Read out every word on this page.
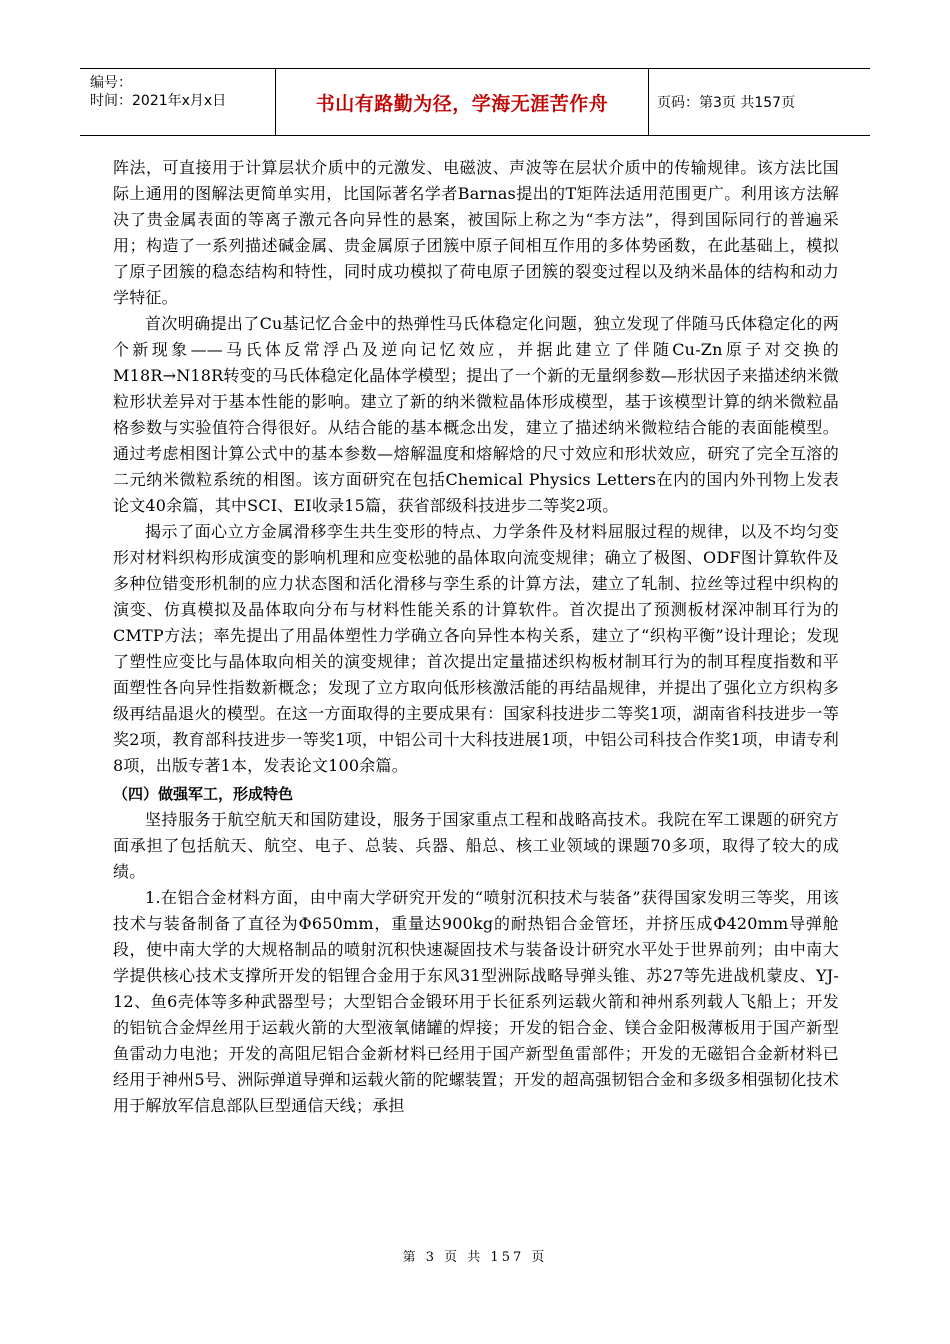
编号：
时间：2021年x月x日	书山有路勤为径，学海无涯苦作舟	页码：第3页 共157页

阵法，可直接用于计算层状介质中的元激发、电磁波、声波等在层状介质中的传输规律。该方法比国际上通用的图解法更简单实用，比国际著名学者Barnas提出的T矩阵法适用范围更广。利用该方法解决了贵金属表面的等离子激元各向异性的悬案，被国际上称之为“李方法”，得到国际同行的普遍采用；构造了一系列描述碱金属、贵金属原子团簇中原子间相互作用的多体势函数，在此基础上，模拟了原子团簇的稳态结构和特性，同时成功模拟了荷电原子团簇的裂变过程以及纳米晶体的结构和动力学特征。

首次明确提出了Cu基记忆合金中的热弹性马氏体稳定化问题，独立发现了伴随马氏体稳定化的两个新现象——马氏体反常浮凸及逆向记忆效应，并据此建立了伴随Cu-Zn原子对交换的M18R→N18R转变的马氏体稳定化晶体学模型；提出了一个新的无量纲参数—形状因子来描述纳米微粒形状差异对于基本性能的影响。建立了新的纳米微粒晶体形成模型，基于该模型计算的纳米微粒晶格参数与实验值符合得很好。从结合能的基本概念出发，建立了描述纳米微粒结合能的表面能模型。通过考虑相图计算公式中的基本参数—熔解温度和熔解焓的尺寸效应和形状效应，研究了完全互溶的二元纳米微粒系统的相图。该方面研究在包括Chemical Physics Letters在内的国内外刊物上发表论文40余篇，其中SCI、EI收录15篇，获省部级科技进步二等奖2项。

揭示了面心立方金属滑移孪生共生变形的特点、力学条件及材料屈服过程的规律，以及不均匀变形对材料织构形成演变的影响机理和应变松驰的晶体取向流变规律；确立了极图、ODF图计算软件及多种位错变形机制的应力状态图和活化滑移与孪生系的计算方法，建立了轧制、拉丝等过程中织构的演变、仿真模拟及晶体取向分布与材料性能关系的计算软件。首次提出了预测板材深冲制耳行为的CMTP方法；率先提出了用晶体塑性力学确立各向异性本构关系，建立了“织构平衡”设计理论；发现了塑性应变比与晶体取向相关的演变规律；首次提出定量描述织构板材制耳行为的制耳程度指数和平面塑性各向异性指数新概念；发现了立方取向低形核激活能的再结晶规律，并提出了强化立方织构多级再结晶退火的模型。在这一方面取得的主要成果有：国家科技进步二等奖1项，湖南省科技进步一等奖2项，教育部科技进步一等奖1项，中铝公司十大科技进展1项，中铝公司科技合作奖1项，申请专利8项，出版专著1本，发表论文100余篇。

（四）做强军工，形成特色

坚持服务于航空航天和国防建设，服务于国家重点工程和战略高技术。我院在军工课题的研究方面承担了包括航天、航空、电子、总装、兵器、船总、核工业领域的课题70多项，取得了较大的成绩。

1.在铝合金材料方面，由中南大学研究开发的“喷射沉积技术与装备”获得国家发明三等奖，用该技术与装备制备了直径为Φ650mm，重量达900kg的耐热铝合金管坯，并挤压成Φ420mm导弹舱段，使中南大学的大规格制品的喷射沉积快速凝固技术与装备设计研究水平处于世界前列；由中南大学提供核心技术支撑所开发的铝锂合金用于东风31型洲际战略导弹头锥、苏27等先进战机蒙皮、YJ-12、鱼6壳体等多种武器型号；大型铝合金锻环用于长征系列运载火箭和神州系列载人飞船上；开发的铝钪合金焊丝用于运载火箭的大型液氧储罐的焊接；开发的铝合金、镁合金阳极薄板用于国产新型鱼雷动力电池；开发的高阻尼铝合金新材料已经用于国产新型鱼雷部件；开发的无磁铝合金新材料已经用于神州5号、洲际弹道导弹和运载火箭的陀螺装置；开发的超高强韧铝合金和多级多相强韧化技术用于解放军信息部队巨型通信天线；承担

第 3 页 共 157 页
